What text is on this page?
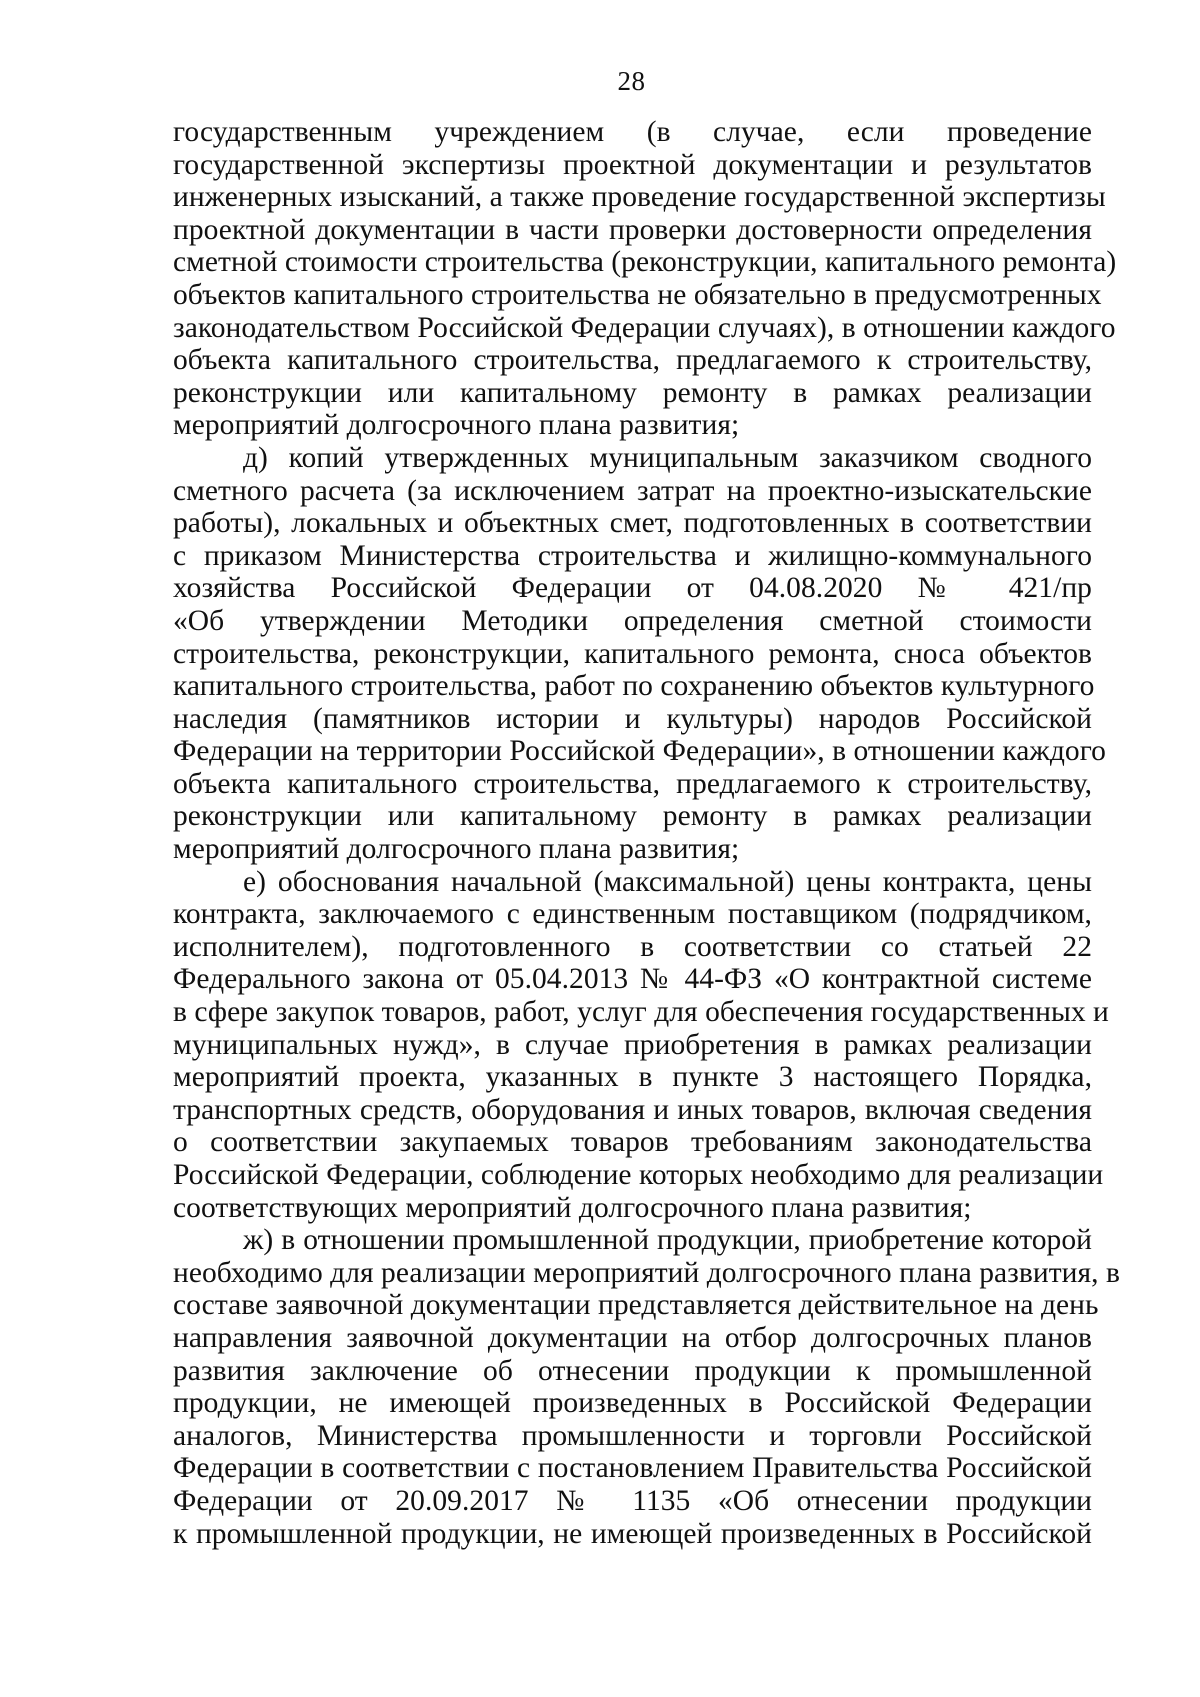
28

государственным учреждением (в случае, если проведение
государственной экспертизы проектной документации и результатов
инженерных изысканий, а также проведение государственной экспертизы
проектной документации в части проверки достоверности определения
сметной стоимости строительства (реконструкции, капитального ремонта)
объектов капитального строительства не обязательно в предусмотренных
законодательством Российской Федерации случаях), в отношении каждого
объекта капитального строительства, предлагаемого к строительству,
реконструкции или капитальному ремонту в рамках реализации
мероприятий долгосрочного плана развития;

д) копий утвержденных муниципальным заказчиком сводного
сметного расчета (за исключением затрат на проектно-изыскательские
работы), локальных и объектных смет, подготовленных в соответствии
с приказом Министерства строительства и жилищно-коммунального
хозяйства Российской Федерации от 04.08.2020 № 421/пр
«Об утверждении Методики определения сметной стоимости
строительства, реконструкции, капитального ремонта, сноса объектов
капитального строительства, работ по сохранению объектов культурного
наследия (памятников истории и культуры) народов Российской
Федерации на территории Российской Федерации», в отношении каждого
объекта капитального строительства, предлагаемого к строительству,
реконструкции или капитальному ремонту в рамках реализации
мероприятий долгосрочного плана развития;

е) обоснования начальной (максимальной) цены контракта, цены
контракта, заключаемого с единственным поставщиком (подрядчиком,
исполнителем), подготовленного в соответствии со статьей 22
Федерального закона от 05.04.2013 № 44-ФЗ «О контрактной системе
в сфере закупок товаров, работ, услуг для обеспечения государственных и
муниципальных нужд», в случае приобретения в рамках реализации
мероприятий проекта, указанных в пункте 3 настоящего Порядка,
транспортных средств, оборудования и иных товаров, включая сведения
о соответствии закупаемых товаров требованиям законодательства
Российской Федерации, соблюдение которых необходимо для реализации
соответствующих мероприятий долгосрочного плана развития;

ж) в отношении промышленной продукции, приобретение которой
необходимо для реализации мероприятий долгосрочного плана развития, в
составе заявочной документации представляется действительное на день
направления заявочной документации на отбор долгосрочных планов
развития заключение об отнесении продукции к промышленной
продукции, не имеющей произведенных в Российской Федерации
аналогов, Министерства промышленности и торговли Российской
Федерации в соответствии с постановлением Правительства Российской
Федерации от 20.09.2017 № 1135 «Об отнесении продукции
к промышленной продукции, не имеющей произведенных в Российской
